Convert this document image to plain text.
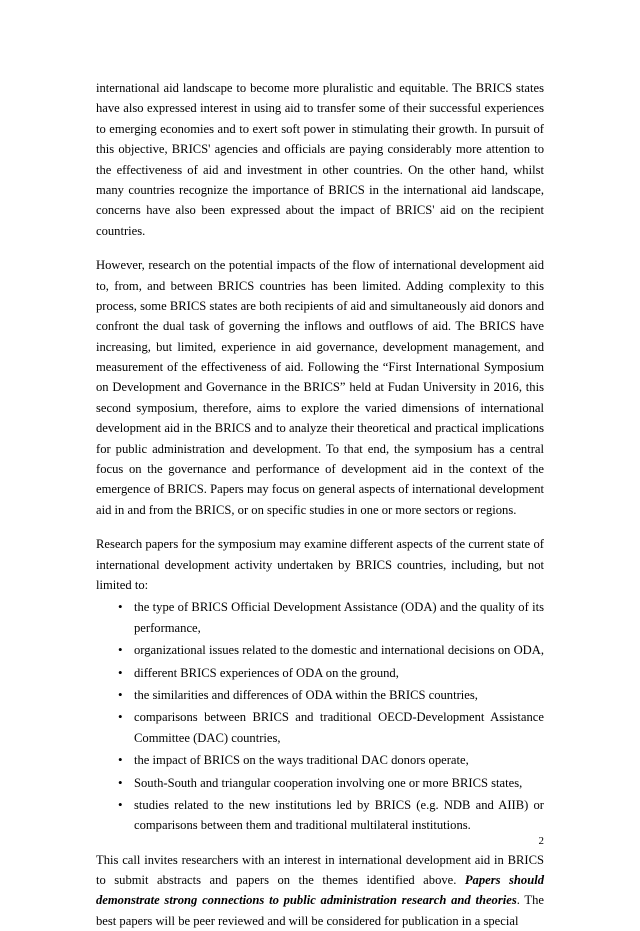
international aid landscape to become more pluralistic and equitable. The BRICS states have also expressed interest in using aid to transfer some of their successful experiences to emerging economies and to exert soft power in stimulating their growth. In pursuit of this objective, BRICS' agencies and officials are paying considerably more attention to the effectiveness of aid and investment in other countries. On the other hand, whilst many countries recognize the importance of BRICS in the international aid landscape, concerns have also been expressed about the impact of BRICS' aid on the recipient countries.

However, research on the potential impacts of the flow of international development aid to, from, and between BRICS countries has been limited. Adding complexity to this process, some BRICS states are both recipients of aid and simultaneously aid donors and confront the dual task of governing the inflows and outflows of aid. The BRICS have increasing, but limited, experience in aid governance, development management, and measurement of the effectiveness of aid. Following the “First International Symposium on Development and Governance in the BRICS” held at Fudan University in 2016, this second symposium, therefore, aims to explore the varied dimensions of international development aid in the BRICS and to analyze their theoretical and practical implications for public administration and development. To that end, the symposium has a central focus on the governance and performance of development aid in the context of the emergence of BRICS. Papers may focus on general aspects of international development aid in and from the BRICS, or on specific studies in one or more sectors or regions.

Research papers for the symposium may examine different aspects of the current state of international development activity undertaken by BRICS countries, including, but not limited to:

• the type of BRICS Official Development Assistance (ODA) and the quality of its performance,
• organizational issues related to the domestic and international decisions on ODA,
• different BRICS experiences of ODA on the ground,
• the similarities and differences of ODA within the BRICS countries,
• comparisons between BRICS and traditional OECD-Development Assistance Committee (DAC) countries,
• the impact of BRICS on the ways traditional DAC donors operate,
• South-South and triangular cooperation involving one or more BRICS states,
• studies related to the new institutions led by BRICS (e.g. NDB and AIIB) or comparisons between them and traditional multilateral institutions.

This call invites researchers with an interest in international development aid in BRICS to submit abstracts and papers on the themes identified above. Papers should demonstrate strong connections to public administration research and theories. The best papers will be peer reviewed and will be considered for publication in a special

2
